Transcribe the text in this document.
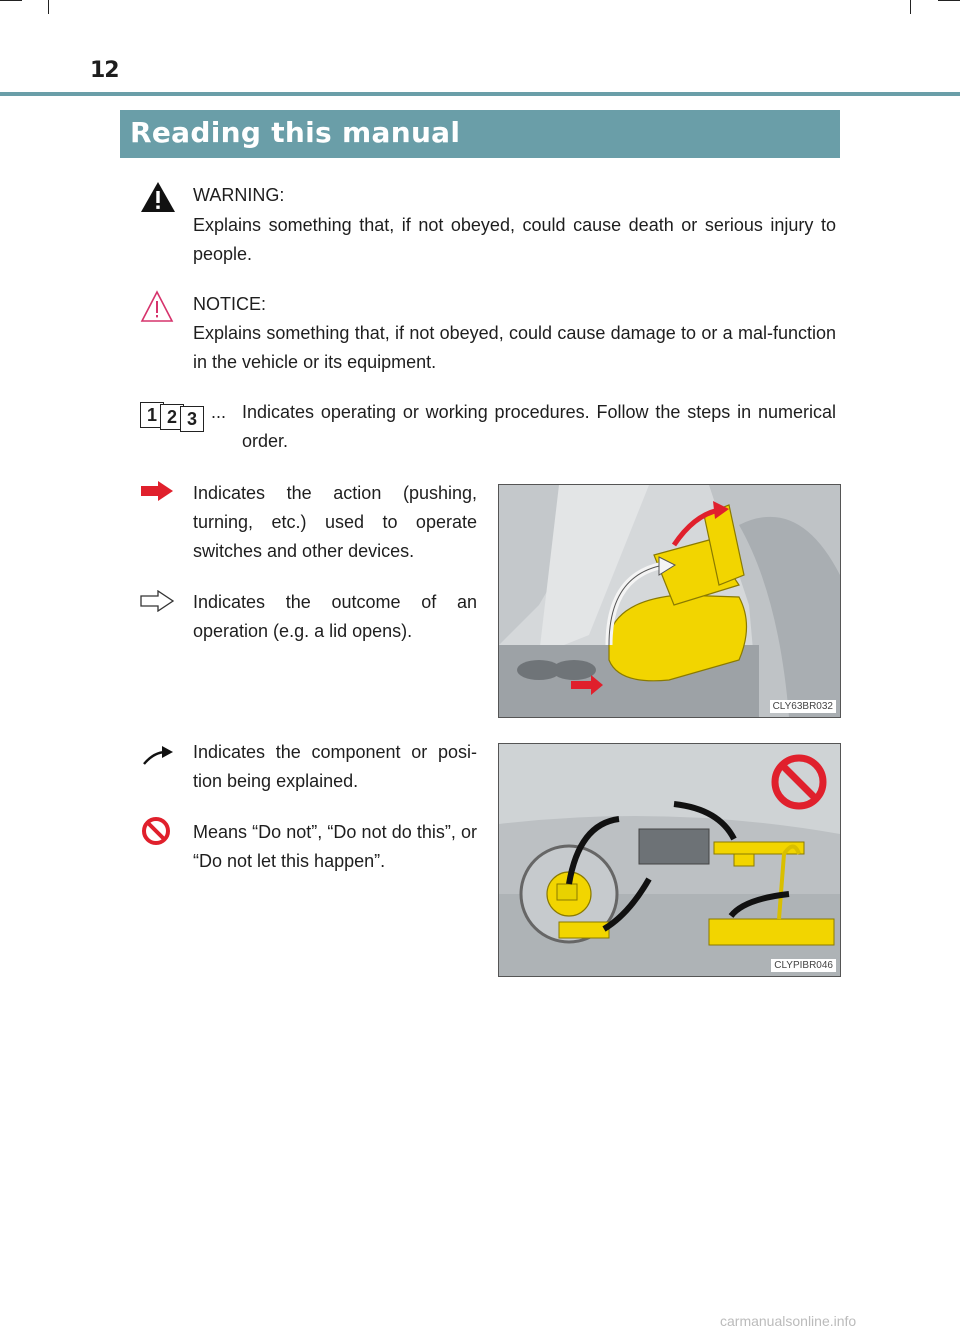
12
Reading this manual
WARNING:
Explains something that, if not obeyed, could cause death or serious injury to people.
NOTICE:
Explains something that, if not obeyed, could cause damage to or a mal-function in the vehicle or its equipment.
1 2 3 ... Indicates operating or working procedures. Follow the steps in numerical order.
Indicates the action (pushing, turning, etc.) used to operate switches and other devices.
Indicates the outcome of an operation (e.g. a lid opens).
CLY63BR032
Indicates the component or posi-tion being explained.
Means “Do not”, “Do not do this”, or “Do not let this happen”.
CLYPIBR046
carmanualsonline.info
